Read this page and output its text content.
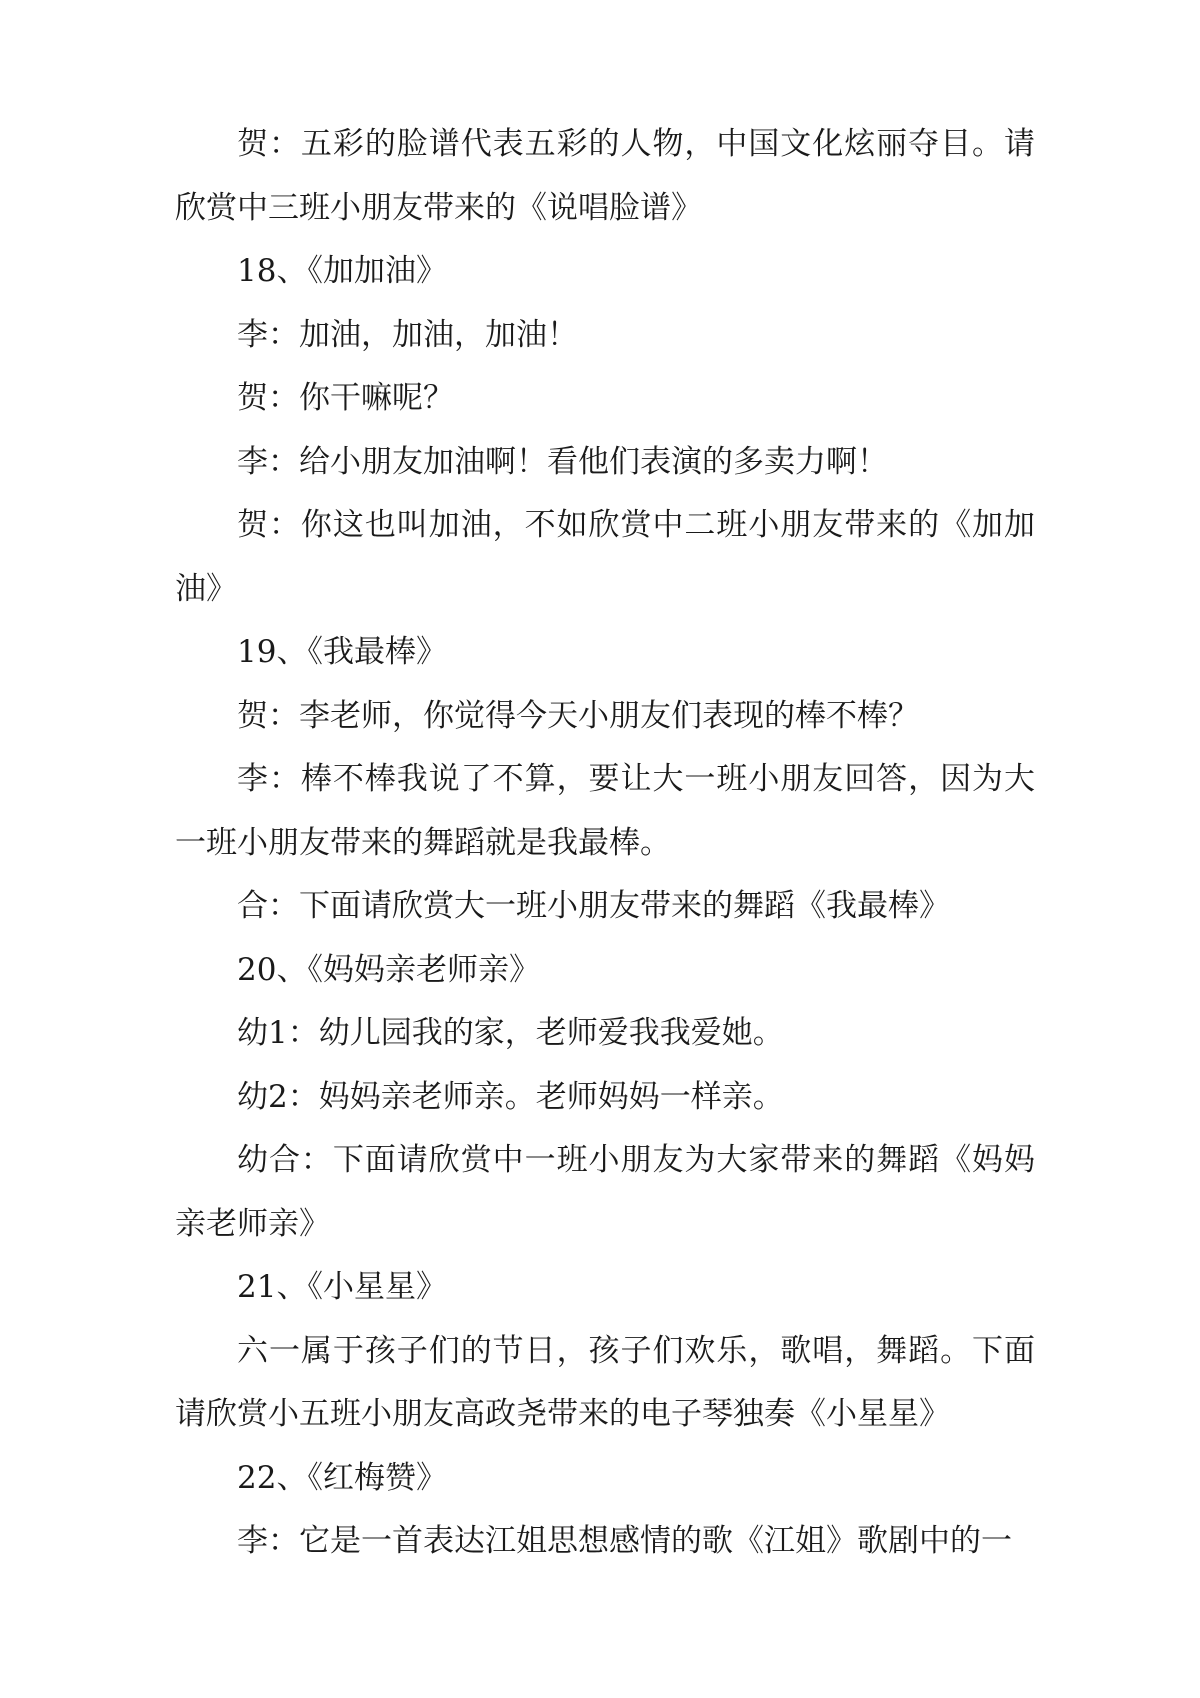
贺：五彩的脸谱代表五彩的人物，中国文化炫丽夺目。请欣赏中三班小朋友带来的《说唱脸谱》

18、《加加油》

李：加油，加油，加油！

贺：你干嘛呢？

李：给小朋友加油啊！看他们表演的多卖力啊！

贺：你这也叫加油，不如欣赏中二班小朋友带来的《加加油》

19、《我最棒》

贺：李老师，你觉得今天小朋友们表现的棒不棒？

李：棒不棒我说了不算，要让大一班小朋友回答，因为大一班小朋友带来的舞蹈就是我最棒。

合：下面请欣赏大一班小朋友带来的舞蹈《我最棒》

20、《妈妈亲老师亲》

幼1：幼儿园我的家，老师爱我我爱她。

幼2：妈妈亲老师亲。老师妈妈一样亲。

幼合：下面请欣赏中一班小朋友为大家带来的舞蹈《妈妈亲老师亲》

21、《小星星》

六一属于孩子们的节日，孩子们欢乐，歌唱，舞蹈。下面请欣赏小五班小朋友高政尧带来的电子琴独奏《小星星》

22、《红梅赞》

李：它是一首表达江姐思想感情的歌《江姐》歌剧中的一
